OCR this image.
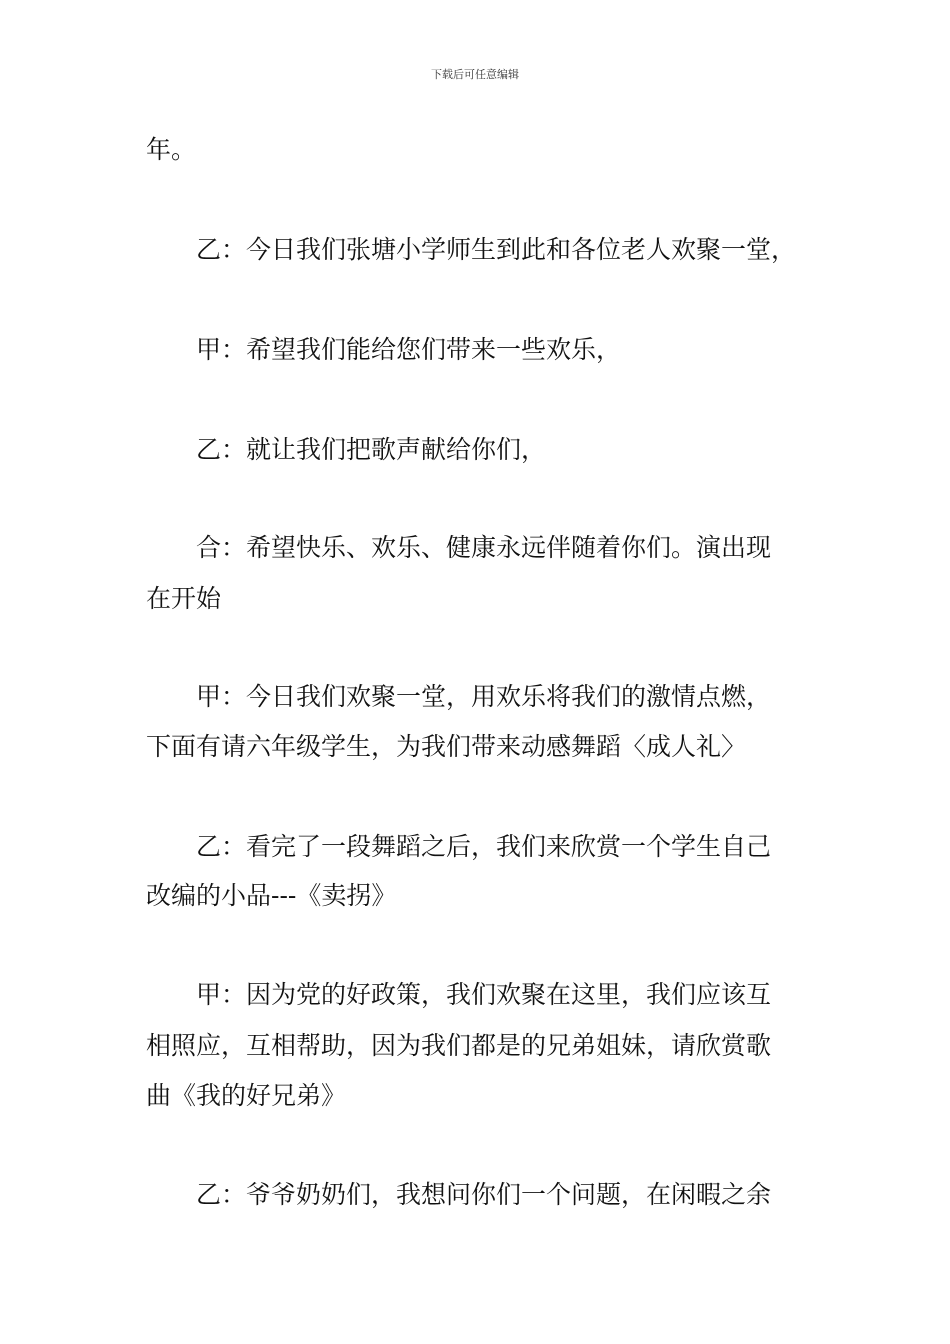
下载后可任意编辑
年。
　　乙：今日我们张塘小学师生到此和各位老人欢聚一堂，
　　甲：希望我们能给您们带来一些欢乐，
　　乙：就让我们把歌声献给你们，
　　合：希望快乐、欢乐、健康永远伴随着你们。演出现
在开始
　　甲：今日我们欢聚一堂，用欢乐将我们的激情点燃，
下面有请六年级学生，为我们带来动感舞蹈〈成人礼〉
　　乙：看完了一段舞蹈之后，我们来欣赏一个学生自己
改编的小品---《卖拐》
　　甲：因为党的好政策，我们欢聚在这里，我们应该互
相照应，互相帮助，因为我们都是的兄弟姐妹，请欣赏歌
曲《我的好兄弟》
　　乙：爷爷奶奶们，我想问你们一个问题，在闲暇之余
